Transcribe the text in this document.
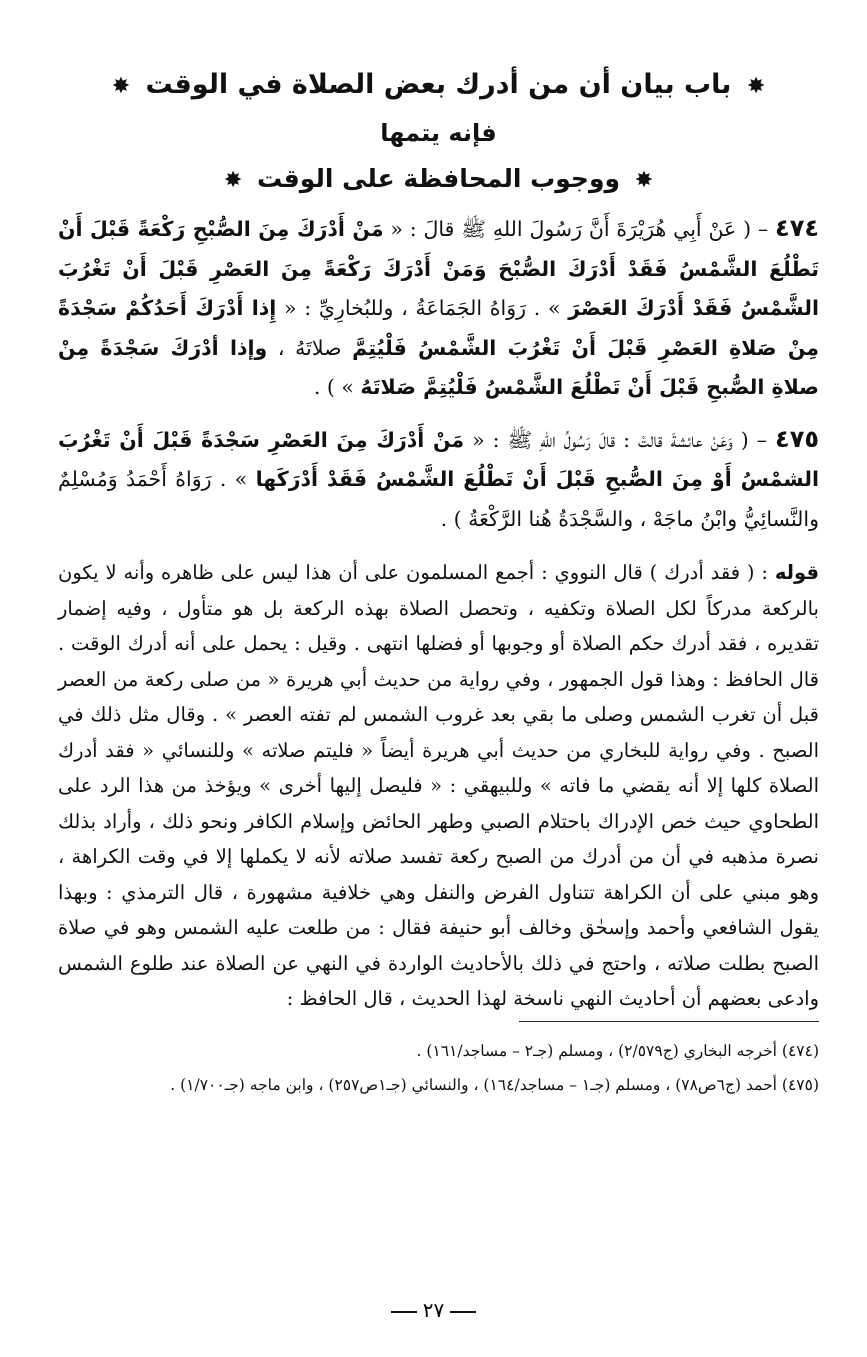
✸ باب بيان أن من أدرك بعض الصلاة في الوقت ✸
فإنه يتمها
✸ ووجوب المحافظة على الوقت ✸

٤٧٤ – ( عَنْ أَبِي هُرَيْرَةَ أَنَّ رَسُولَ اللهِ ﷺ قالَ : « مَنْ أَدْرَكَ مِنَ الصُّبْحِ رَكْعَةً قَبْلَ أَنْ تَطْلُعَ الشَّمْسُ فَقَدْ أَدْرَكَ الصُّبْحَ وَمَنْ أَدْرَكَ رَكْعَةً مِنَ العَصْرِ قَبْلَ أَنْ تَغْرُبَ الشَّمْسُ فَقَدْ أَدْرَكَ العَصْرَ » . رَوَاهُ الجَمَاعَةُ ، وللبُخارِيِّ : « إِذا أَدْرَكَ أَحَدُكُمْ سَجْدَةً مِنْ صَلاةِ العَصْرِ قَبْلَ أَنْ تَغْرُبَ الشَّمْسُ فَلْيُتِمَّ صلاتَهُ ، وإذا أدْرَكَ سَجْدَةً مِنْ صلاةِ الصُّبحِ قَبْلَ أَنْ تَطْلُعَ الشَّمْسُ فَلْيُتِمَّ صَلاتَهُ » ) .

٤٧٥ – ( وَعَنْ عائشةَ قالتْ : قالَ رَسُولُ اللهِ ﷺ : « مَنْ أَدْرَكَ مِنَ العَصْرِ سَجْدَةً قَبْلَ أَنْ تَغْرُبَ الشمْسُ أَوْ مِنَ الصُّبحِ قَبْلَ أَنْ تَطْلُعَ الشَّمْسُ فَقَدْ أَدْرَكَها » . رَوَاهُ أَحْمَدُ وَمُسْلِمٌ والنَّسائِيُّ وابْنُ ماجَهْ ، والسَّجْدَةُ هُنا الرَّكْعَةُ ) .

قوله : ( فقد أدرك ) قال النووي : أجمع المسلمون على أن هذا ليس على ظاهره وأنه لا يكون بالركعة مدركاً لكل الصلاة وتكفيه ، وتحصل الصلاة بهذه الركعة بل هو متأول ، وفيه إضمار تقديره ، فقد أدرك حكم الصلاة أو وجوبها أو فضلها انتهى . وقيل : يحمل على أنه أدرك الوقت . قال الحافظ : وهذا قول الجمهور ، وفي رواية من حديث أبي هريرة « من صلى ركعة من العصر قبل أن تغرب الشمس وصلى ما بقي بعد غروب الشمس لم تفته العصر » . وقال مثل ذلك في الصبح . وفي رواية للبخاري من حديث أبي هريرة أيضاً « فليتم صلاته » وللنسائي « فقد أدرك الصلاة كلها إلا أنه يقضي ما فاته » وللبيهقي : « فليصل إليها أخرى » ويؤخذ من هذا الرد على الطحاوي حيث خص الإدراك باحتلام الصبي وطهر الحائض وإسلام الكافر ونحو ذلك ، وأراد بذلك نصرة مذهبه في أن من أدرك من الصبح ركعة تفسد صلاته لأنه لا يكملها إلا في وقت الكراهة ، وهو مبني على أن الكراهة تتناول الفرض والنفل وهي خلافية مشهورة ، قال الترمذي : وبهذا يقول الشافعي وأحمد وإسحٰق وخالف أبو حنيفة فقال : من طلعت عليه الشمس وهو في صلاة الصبح بطلت صلاته ، واحتج في ذلك بالأحاديث الواردة في النهي عن الصلاة عند طلوع الشمس وادعى بعضهم أن أحاديث النهي ناسخة لهذا الحديث ، قال الحافظ :

(٤٧٤) أخرجه البخاري (ج٢/٥٧٩) ، ومسلم (جـ٢ – مساجد/١٦١) .

(٤٧٥) أحمد (ج٦ص٧٨) ، ومسلم (جـ١ – مساجد/١٦٤) ، والنسائي (جـ١ص٢٥٧) ، وابن ماجه (جـ١/٧٠٠) .

٢٧
